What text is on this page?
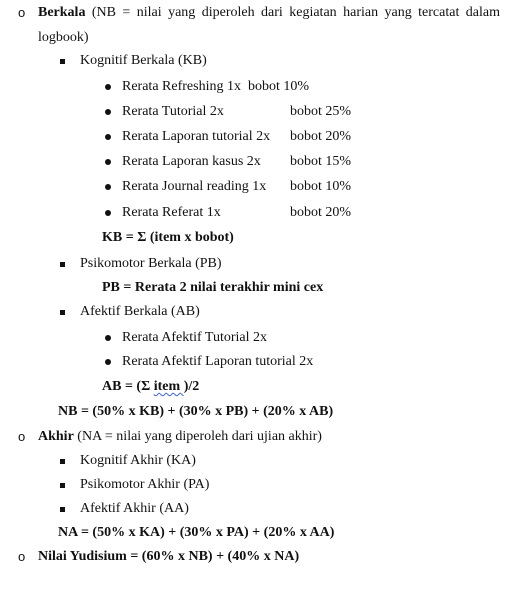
o Berkala (NB = nilai yang diperoleh dari kegiatan harian yang tercatat dalam
logbook)
Kognitif Berkala (KB)
Rerata Refreshing 1x bobot 10%
Rerata Tutorial 2x	bobot 25%
Rerata Laporan tutorial 2x bobot 20%
Rerata Laporan kasus 2x bobot 15%
Rerata Journal reading 1x bobot 10%
Rerata Referat 1x	bobot 20%
KB = Σ (item x bobot)
Psikomotor Berkala (PB)
PB = Rerata 2 nilai terakhir mini cex
Afektif Berkala (AB)
Rerata Afektif Tutorial 2x
Rerata Afektif Laporan tutorial 2x
AB = (Σ item )/2
NB = (50% x KB) + (30% x PB) + (20% x AB)
o Akhir (NA = nilai yang diperoleh dari ujian akhir)
Kognitif Akhir (KA)
Psikomotor Akhir (PA)
Afektif Akhir (AA)
NA = (50% x KA) + (30% x PA) + (20% x AA)
o Nilai Yudisium = (60% x NB) + (40% x NA)
